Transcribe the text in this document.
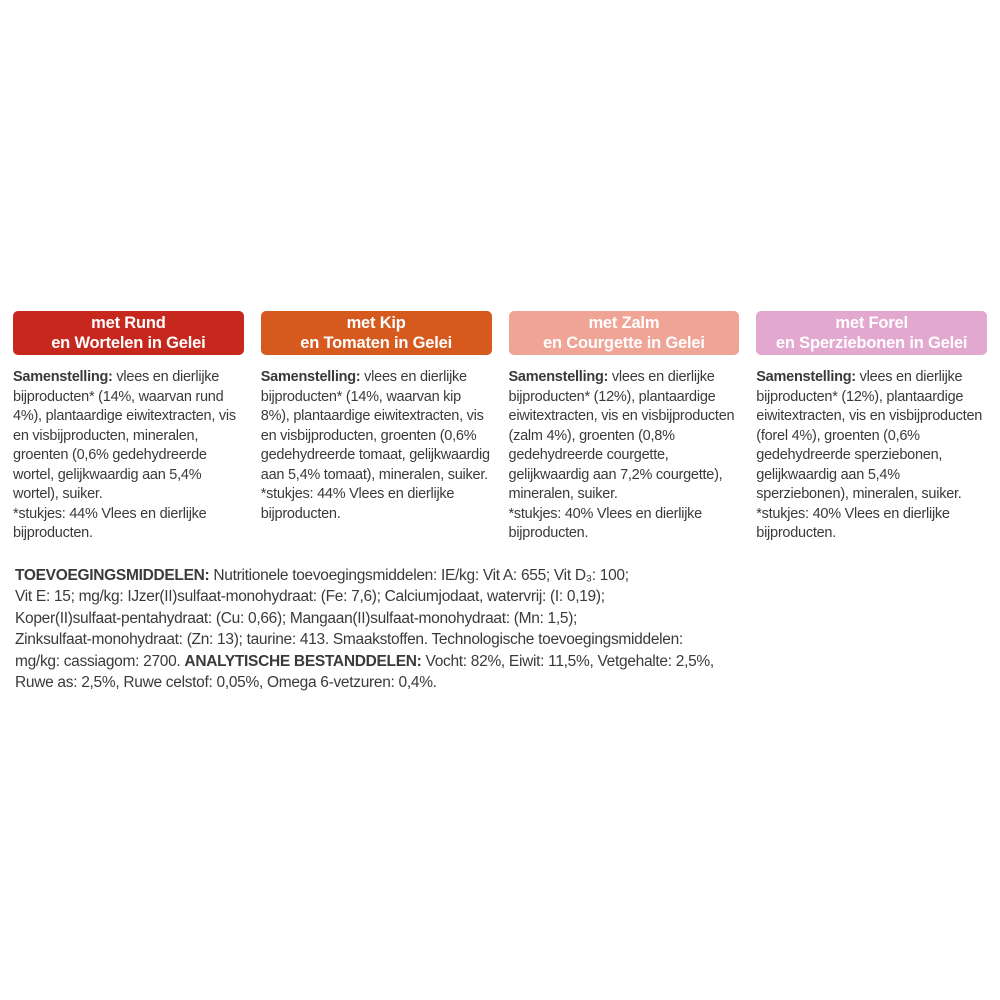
met Rund
en Wortelen in Gelei

Samenstelling: vlees en dierlijke bijproducten* (14%, waarvan rund 4%), plantaardige eiwitextracten, vis en visbijproducten, mineralen, groenten (0,6% gedehydreerde wortel, gelijkwaardig aan 5,4% wortel), suiker.

*stukjes: 44% Vlees en dierlijke bijproducten.

met Kip
en Tomaten in Gelei

Samenstelling: vlees en dierlijke bijproducten* (14%, waarvan kip 8%), plantaardige eiwitextracten, vis en visbijproducten, groenten (0,6% gedehydreerde tomaat, gelijkwaardig aan 5,4% tomaat), mineralen, suiker.

*stukjes: 44% Vlees en dierlijke bijproducten.

met Zalm
en Courgette in Gelei

Samenstelling: vlees en dierlijke bijproducten* (12%), plantaardige eiwitextracten, vis en visbijproducten (zalm 4%), groenten (0,8% gedehydreerde courgette, gelijkwaardig aan 7,2% courgette), mineralen, suiker.

*stukjes: 40% Vlees en dierlijke bijproducten.

met Forel
en Sperziebonen in Gelei

Samenstelling: vlees en dierlijke bijproducten* (12%), plantaardige eiwitextracten, vis en visbijproducten (forel 4%), groenten (0,6% gedehydreerde sperziebonen, gelijkwaardig aan 5,4% sperziebonen), mineralen, suiker.

*stukjes: 40% Vlees en dierlijke bijproducten.

TOEVOEGINGSMIDDELEN: Nutritionele toevoegingsmiddelen: IE/kg: Vit A: 655; Vit D₃: 100;
Vit E: 15; mg/kg: IJzer(II)sulfaat-monohydraat: (Fe: 7,6); Calciumjodaat, watervrij: (I: 0,19);
Koper(II)sulfaat-pentahydraat: (Cu: 0,66); Mangaan(II)sulfaat-monohydraat: (Mn: 1,5);
Zinksulfaat-monohydraat: (Zn: 13); taurine: 413. Smaakstoffen. Technologische toevoegingsmiddelen:
mg/kg: cassiagom: 2700. ANALYTISCHE BESTANDDELEN: Vocht: 82%, Eiwit: 11,5%, Vetgehalte: 2,5%,
Ruwe as: 2,5%, Ruwe celstof: 0,05%, Omega 6-vetzuren: 0,4%.
